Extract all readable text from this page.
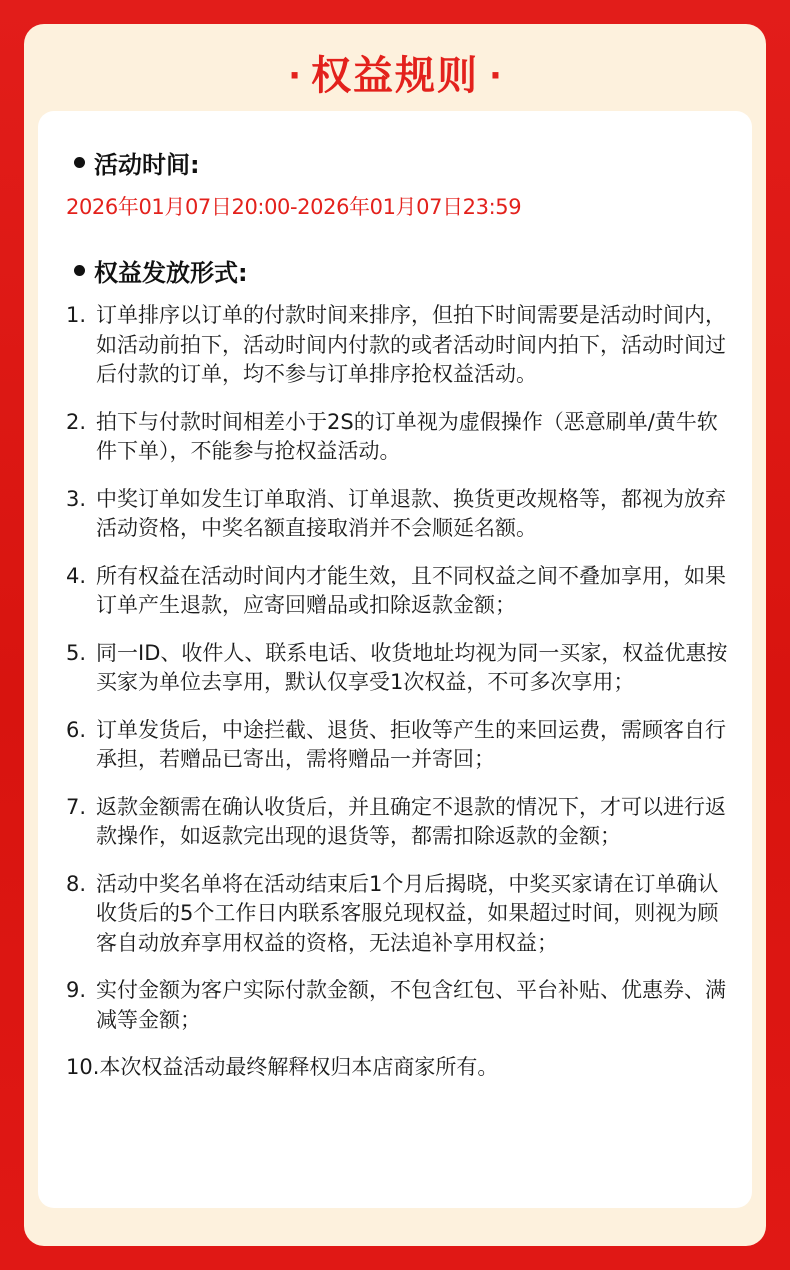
· 权益规则 ·
活动时间:
2026年01月07日20:00-2026年01月07日23:59
权益发放形式:
1. 订单排序以订单的付款时间来排序，但拍下时间需要是活动时间内，如活动前拍下，活动时间内付款的或者活动时间内拍下，活动时间过后付款的订单，均不参与订单排序抢权益活动。
2. 拍下与付款时间相差小于2S的订单视为虚假操作（恶意刷单/黄牛软件下单），不能参与抢权益活动。
3. 中奖订单如发生订单取消、订单退款、换货更改规格等，都视为放弃活动资格，中奖名额直接取消并不会顺延名额。
4. 所有权益在活动时间内才能生效，且不同权益之间不叠加享用，如果订单产生退款，应寄回赠品或扣除返款金额；
5. 同一ID、收件人、联系电话、收货地址均视为同一买家，权益优惠按买家为单位去享用，默认仅享受1次权益，不可多次享用；
6. 订单发货后，中途拦截、退货、拒收等产生的来回运费，需顾客自行承担，若赠品已寄出，需将赠品一并寄回；
7. 返款金额需在确认收货后，并且确定不退款的情况下，才可以进行返款操作，如返款完出现的退货等，都需扣除返款的金额；
8. 活动中奖名单将在活动结束后1个月后揭晓，中奖买家请在订单确认收货后的5个工作日内联系客服兑现权益，如果超过时间，则视为顾客自动放弃享用权益的资格，无法追补享用权益；
9. 实付金额为客户实际付款金额，不包含红包、平台补贴、优惠券、满减等金额；
10. 本次权益活动最终解释权归本店商家所有。
